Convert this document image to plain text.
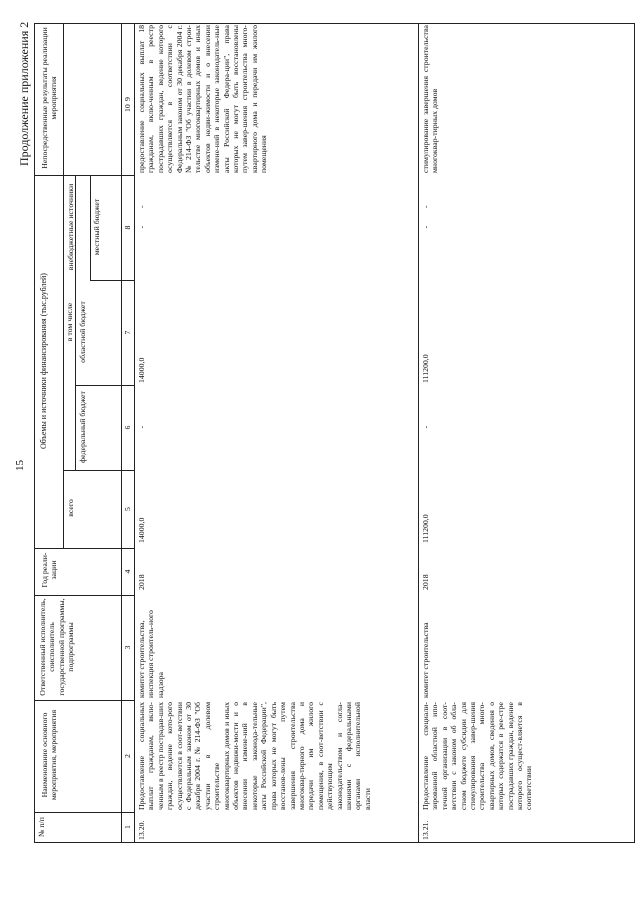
15
Продолжение приложения 2
№ п/п
Наименование основного мероприятия, мероприятия
Ответственный исполнитель, соисполнитель государственной программы, подпрограммы
Год реали-зации
Объемы и источники финансирования (тыс.рублей)
всего
в том числе
федеральный бюджет
областной бюджет
местный бюджет
внебюджетные источники
Непосредственные результаты реализации мероприятия
1
2
3
4
5
6
7
8
9
13.20.
Предоставление социальных выплат гражданам, вклю-ченным в реестр пострадав-ших граждан, ведение кото-рого осуществляется в соот-ветствии с Федеральным законом от 30 декабря 2004 г. № 214-ФЗ "Об участии в долевом строительстве многоквартирных домов и иных объектов недвижи-мости и о внесении измене-ний в некоторые законода-тельные акты Российской Федерации", права которых не могут быть восстанов-лены путем завершения строительства многоквар-тирного дома и передачи им жилого помещения, в соот-ветствии с действующим законодательством и согла-шениями с федеральными органами исполнительной власти
комитет строительства, инспекция строитель-ного надзора
2018
14000,0
-
14000,0
-
-
предоставление социальных выплат 18 гражданам, вклю-ченным в реестр пострадавших граждан, ведение которого осуществляется в соответствии с Федеральным законом от 30 декабря 2004 г. № 214-ФЗ "Об участии в долевом строи-тельстве многоквартирных домов и иных объектов недви-жимости и о внесении измене-ний в некоторые законодатель-ные акты Российской Федера-ции", права которых не могут быть восстановлены путем завер-шения строительства много-квартирного дома и передачи им жилого помещения
13.21.
Предоставление специали-зированной областной ипо-течной организации в соот-ветствии с законом об обла-стном бюджете субсидии для стимулирования завер-шения строительства много-квартирных домов, сведения о которых содержатся в рее-стре пострадавших граждан, ведение которого осущест-вляется в соответствии
комитет строительства
2018
111200,0
-
111200,0
-
-
стимулирование завершения строительства многоквар-тирных домов
10
